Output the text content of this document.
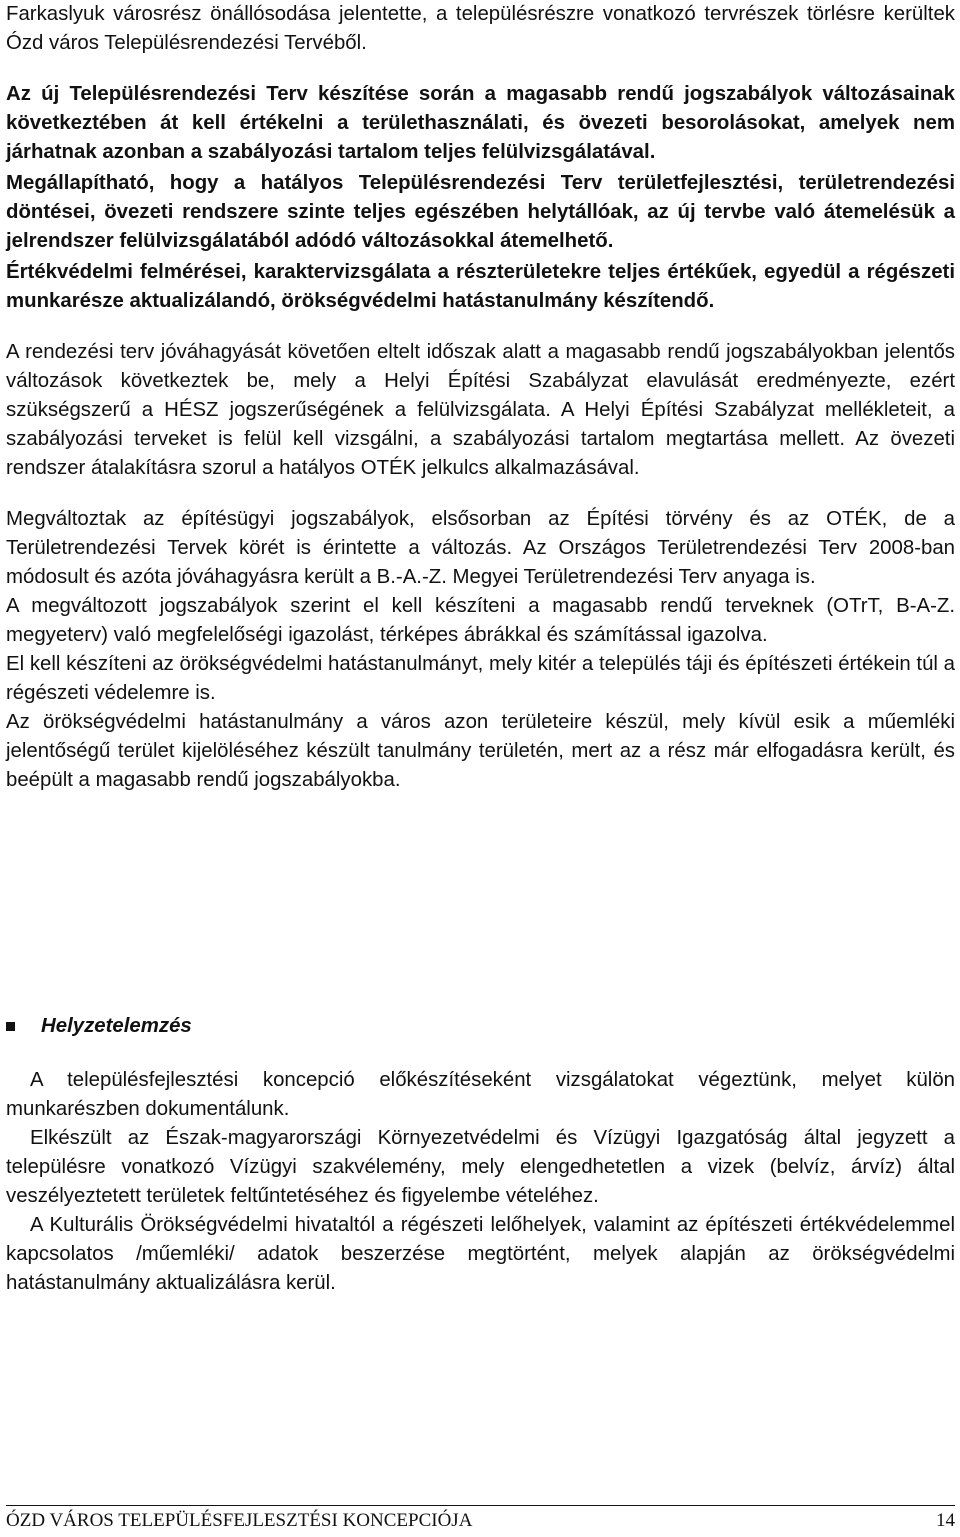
Farkaslyuk városrész önállósodása jelentette, a településrészre vonatkozó tervrészek törlésre kerültek Ózd város Településrendezési Tervéből.

Az új Településrendezési Terv készítése során a magasabb rendű jogszabályok változásainak következtében át kell értékelni a területhasználati, és övezeti besorolásokat, amelyek nem járhatnak azonban a szabályozási tartalom teljes felülvizsgálatával.

Megállapítható, hogy a hatályos Településrendezési Terv területfejlesztési, területrendezési döntései, övezeti rendszere szinte teljes egészében helytállóak, az új tervbe való átemelésük a jelrendszer felülvizsgálatából adódó változásokkal átemelhető.

Értékvédelmi felmérései, karaktervizsgálata a részterületekre teljes értékűek, egyedül a régészeti munkarésze aktualizálandó, örökségvédelmi hatástanulmány készítendő.

A rendezési terv jóváhagyását követően eltelt időszak alatt a magasabb rendű jogszabályokban jelentős változások következtek be, mely a Helyi Építési Szabályzat elavulását eredményezte, ezért szükségszerű a HÉSZ jogszerűségének a felülvizsgálata. A Helyi Építési Szabályzat mellékleteit, a szabályozási terveket is felül kell vizsgálni, a szabályozási tartalom megtartása mellett. Az övezeti rendszer átalakításra szorul a hatályos OTÉK jelkulcs alkalmazásával.

Megváltoztak az építésügyi jogszabályok, elsősorban az Építési törvény és az OTÉK, de a Területrendezési Tervek körét is érintette a változás. Az Országos Területrendezési Terv 2008-ban módosult és azóta jóváhagyásra került a B.-A.-Z. Megyei Területrendezési Terv anyaga is.

A megváltozott jogszabályok szerint el kell készíteni a magasabb rendű terveknek (OTrT, B-A-Z. megyeterv) való megfelelőségi igazolást, térképes ábrákkal és számítással igazolva.

El kell készíteni az örökségvédelmi hatástanulmányt, mely kitér a település táji és építészeti értékein túl a régészeti védelemre is.

Az örökségvédelmi hatástanulmány a város azon területeire készül, mely kívül esik a műemléki jelentőségű terület kijelöléséhez készült tanulmány területén, mert az a rész már elfogadásra került, és beépült a magasabb rendű jogszabályokba.

Helyzetelemzés

A településfejlesztési koncepció előkészítéseként vizsgálatokat végeztünk, melyet külön munkarészben dokumentálunk.

Elkészült az Észak-magyarországi Környezetvédelmi és Vízügyi Igazgatóság által jegyzett a településre vonatkozó Vízügyi szakvélemény, mely elengedhetetlen a vizek (belvíz, árvíz) által veszélyeztetett területek feltűntetéséhez és figyelembe vételéhez.

A Kulturális Örökségvédelmi hivataltól a régészeti lelőhelyek, valamint az építészeti értékvédelemmel kapcsolatos /műemléki/ adatok beszerzése megtörtént, melyek alapján az örökségvédelmi hatástanulmány aktualizálásra kerül.

ÓZD VÁROS TELEPÜLÉSFEJLESZTÉSI KONCEPCIÓJA	14
